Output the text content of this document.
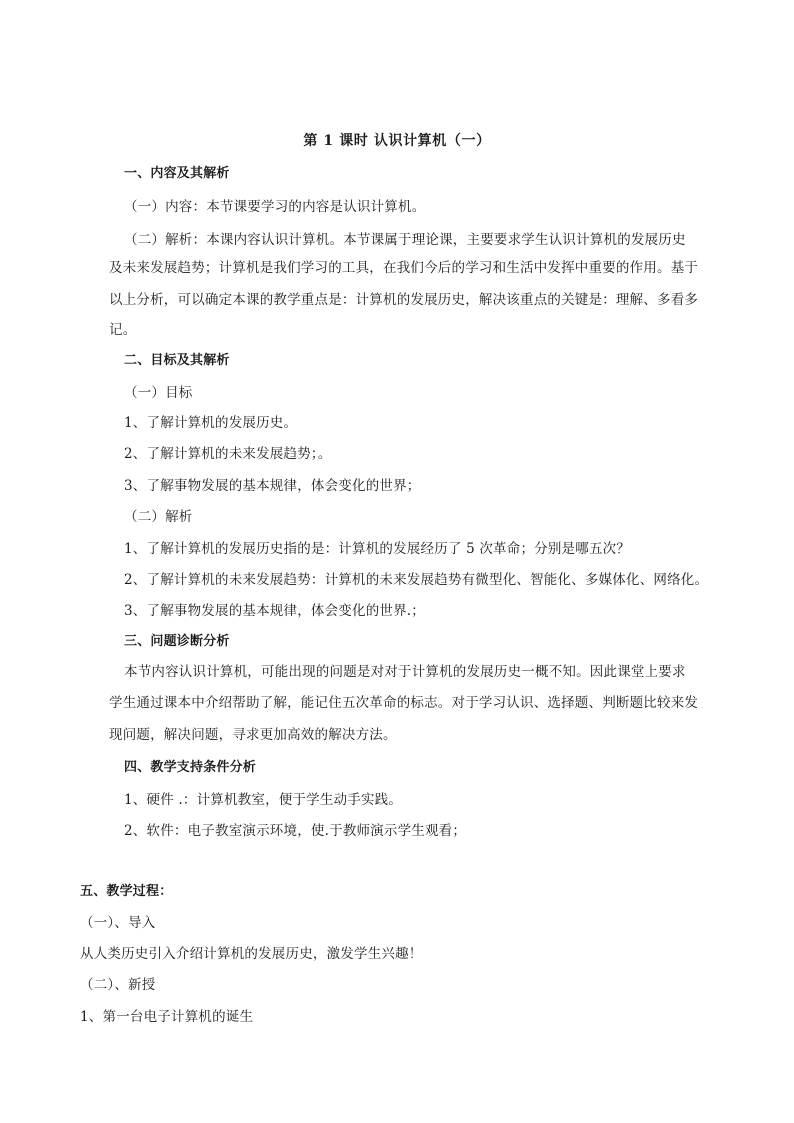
第 1 课时 认识计算机（一）
一、内容及其解析
（一）内容：本节课要学习的内容是认识计算机。
（二）解析：本课内容认识计算机。本节课属于理论课，主要要求学生认识计算机的发展历史
及未来发展趋势；计算机是我们学习的工具，在我们今后的学习和生活中发挥中重要的作用。基于
以上分析，可以确定本课的教学重点是：计算机的发展历史，解决该重点的关键是：理解、多看多
记。
二、目标及其解析
（一）目标
1、了解计算机的发展历史。
2、了解计算机的未来发展趋势；。
3、了解事物发展的基本规律，体会变化的世界；
（二）解析
1、了解计算机的发展历史指的是：计算机的发展经历了 5 次革命；分别是哪五次？
2、了解计算机的未来发展趋势：计算机的未来发展趋势有微型化、智能化、多媒体化、网络化。
3、了解事物发展的基本规律，体会变化的世界.；
三、问题诊断分析
本节内容认识计算机，可能出现的问题是对对于计算机的发展历史一概不知。因此课堂上要求
学生通过课本中介绍帮助了解，能记住五次革命的标志。对于学习认识、选择题、判断题比较来发
现问题，解决问题，寻求更加高效的解决方法。
四、教学支持条件分析
1、硬件 .：计算机教室，便于学生动手实践。
2、软件：电子教室演示环境，使.于教师演示学生观看；
五、教学过程：
（一）、导入
从人类历史引入介绍计算机的发展历史，激发学生兴趣！
（二）、新授
1、第一台电子计算机的诞生
